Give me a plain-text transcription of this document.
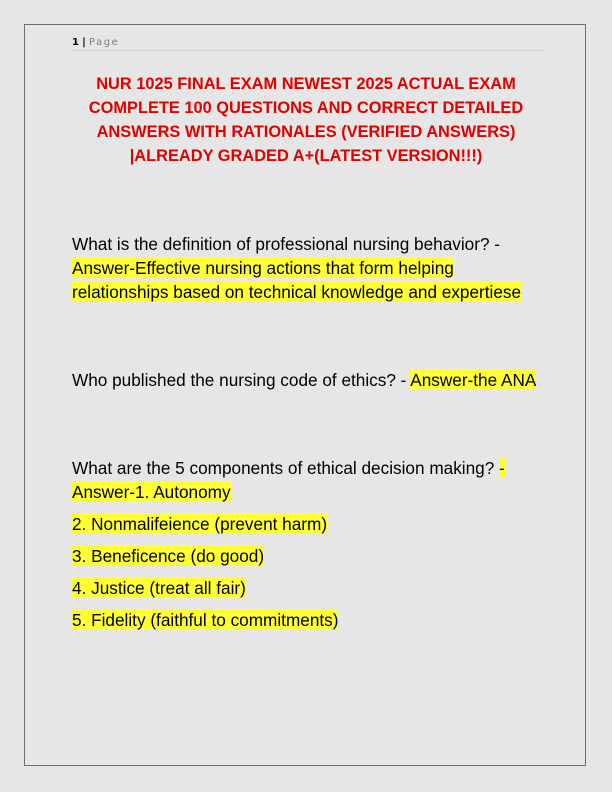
1 | Page
NUR 1025 FINAL EXAM NEWEST 2025 ACTUAL EXAM COMPLETE 100 QUESTIONS AND CORRECT DETAILED ANSWERS WITH RATIONALES (VERIFIED ANSWERS) |ALREADY GRADED A+(LATEST VERSION!!!)
What is the definition of professional nursing behavior? - Answer-Effective nursing actions that form helping relationships based on technical knowledge and expertiese
Who published the nursing code of ethics? - Answer-the ANA
What are the 5 components of ethical decision making? - Answer-1. Autonomy
2. Nonmalifeience (prevent harm)
3. Beneficence (do good)
4. Justice (treat all fair)
5. Fidelity (faithful to commitments)
